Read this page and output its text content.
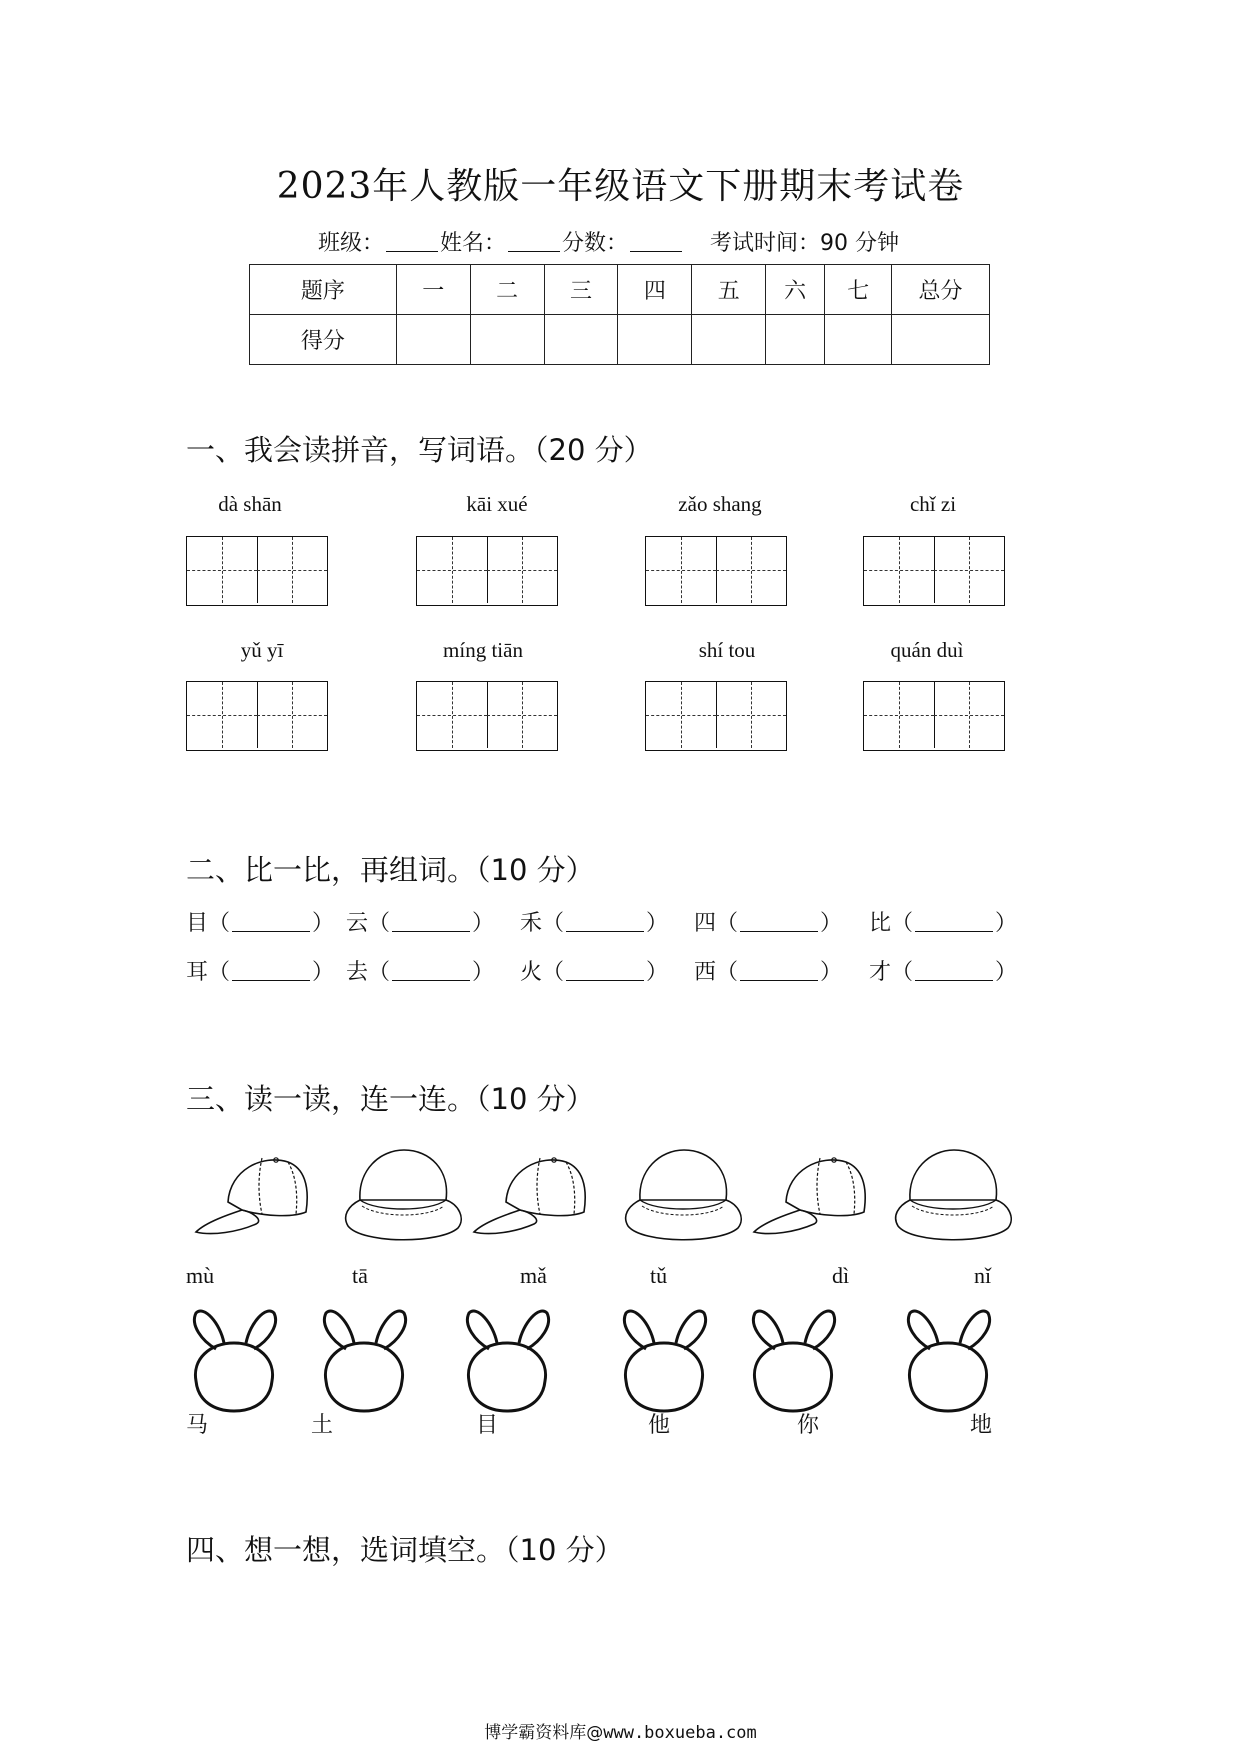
2023年人教版一年级语文下册期末考试卷
班级：	姓名：	分数：	考试时间：90 分钟
题序	一	二	三	四	五	六	七	总分
得分								
一、我会读拼音，写词语。（20 分）
dà shān	kāi xué	zǎo shang	chǐ zi
yǔ yī	míng tiān	shí tou	quán duì
二、比一比，再组词。（10 分）
目（	） 云（	） 禾（	） 四（	） 比（	）
耳（	） 去（	） 火（	） 西（	） 才（	）
三、读一读，连一连。（10 分）
mù	tā	mǎ	tǔ	dì	nǐ
马	土	目	他	你	地
四、想一想，选词填空。（10 分）
博学霸资料库@www.boxueba.com
